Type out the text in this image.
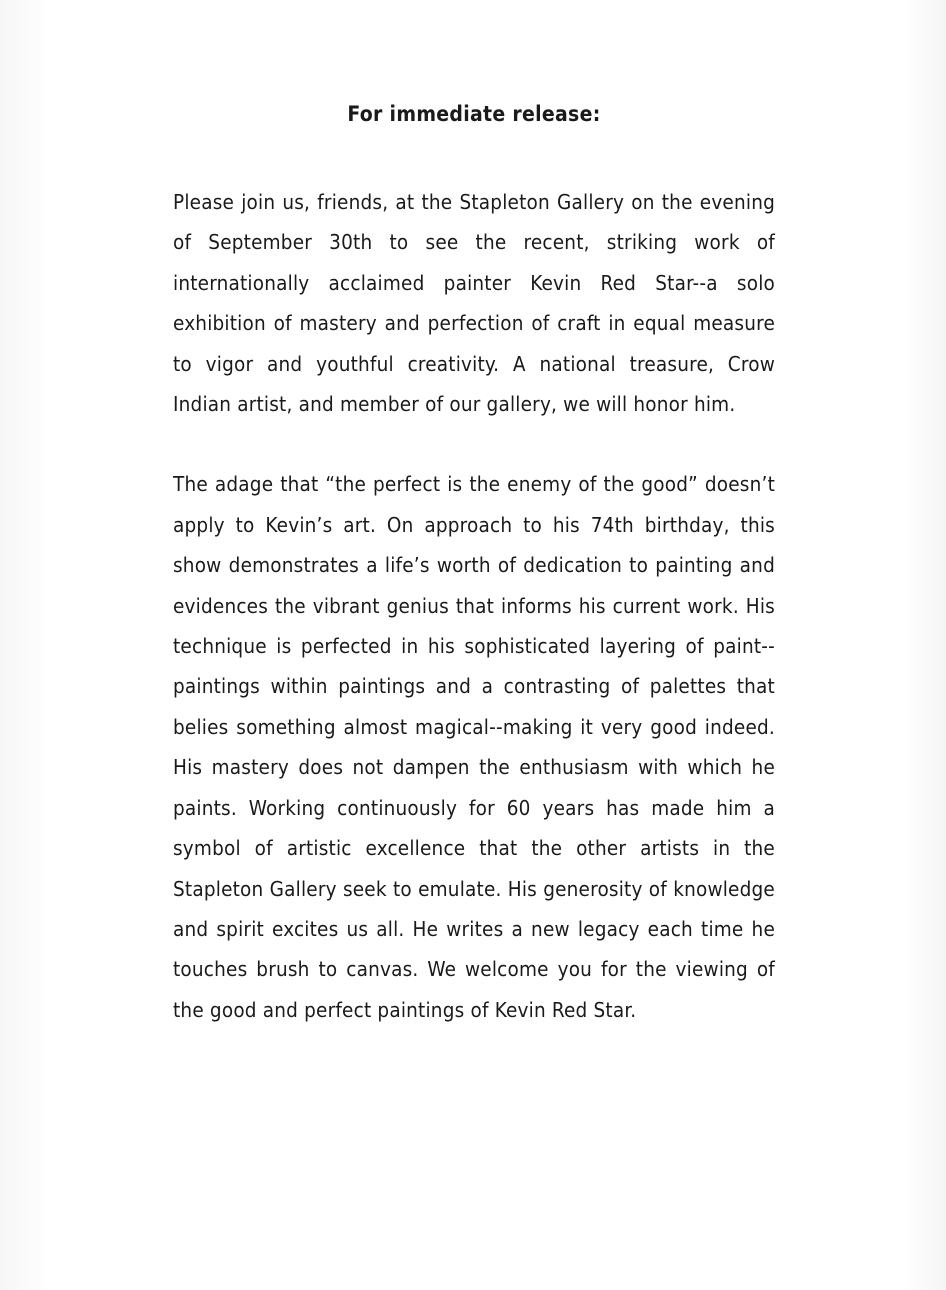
For immediate release:

Please join us, friends, at the Stapleton Gallery on the evening of September 30th to see the recent, striking work of internationally acclaimed painter Kevin Red Star--a solo exhibition of mastery and perfection of craft in equal measure to vigor and youthful creativity. A national treasure, Crow Indian artist, and member of our gallery, we will honor him.

The adage that “the perfect is the enemy of the good” doesn’t apply to Kevin’s art. On approach to his 74th birthday, this show demonstrates a life’s worth of dedication to painting and evidences the vibrant genius that informs his current work. His technique is perfected in his sophisticated layering of paint--paintings within paintings and a contrasting of palettes that belies something almost magical--making it very good indeed. His mastery does not dampen the enthusiasm with which he paints. Working continuously for 60 years has made him a symbol of artistic excellence that the other artists in the Stapleton Gallery seek to emulate. His generosity of knowledge and spirit excites us all. He writes a new legacy each time he touches brush to canvas. We welcome you for the viewing of the good and perfect paintings of Kevin Red Star.
